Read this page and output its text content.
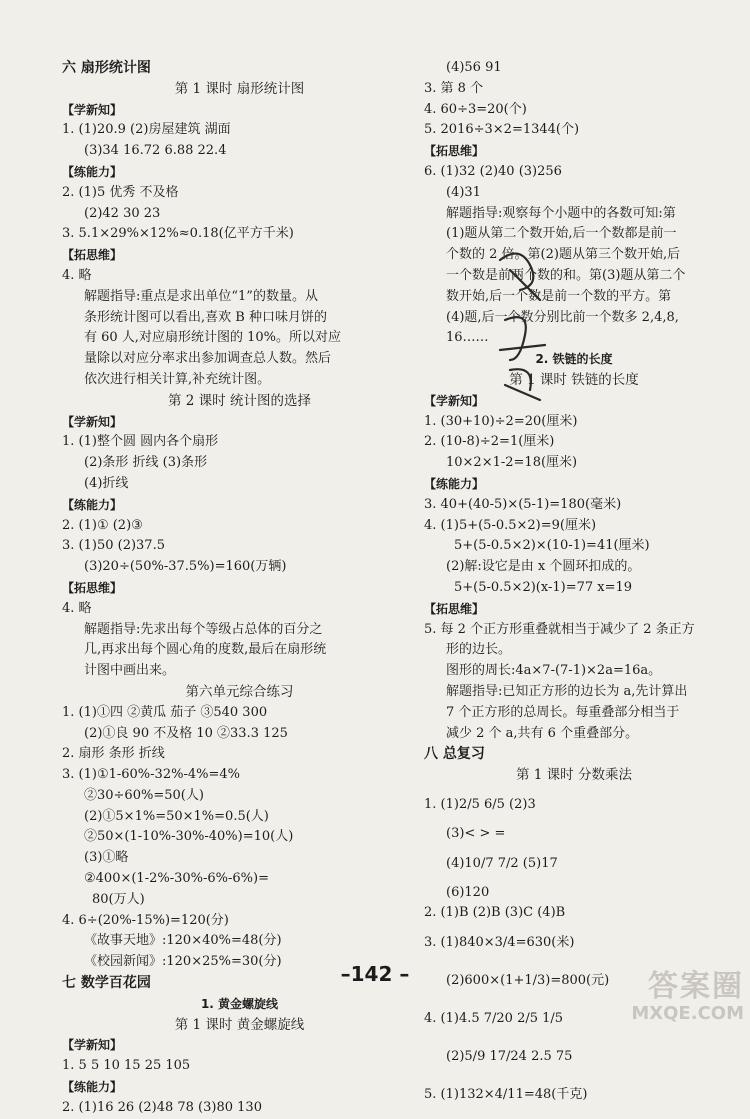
六 扇形统计图
第 1 课时 扇形统计图
【学新知】
1. (1)20.9 (2)房屋建筑 湖面
(3)34 16.72 6.88 22.4
【练能力】
2. (1)5 优秀 不及格
(2)42 30 23
3. 5.1×29%×12%≈0.18(亿平方千米)
【拓思维】
4. 略
解题指导:重点是求出单位“1”的数量。从
条形统计图可以看出,喜欢 B 种口味月饼的
有 60 人,对应扇形统计图的 10%。所以对应
量除以对应分率求出参加调查总人数。然后
依次进行相关计算,补充统计图。
第 2 课时 统计图的选择
【学新知】
1. (1)整个圆 圆内各个扇形
(2)条形 折线 (3)条形
(4)折线
【练能力】
2. (1)① (2)③
3. (1)50 (2)37.5
(3)20÷(50%-37.5%)=160(万辆)
【拓思维】
4. 略
解题指导:先求出每个等级占总体的百分之
几,再求出每个圆心角的度数,最后在扇形统
计图中画出来。
第六单元综合练习
1. (1)①四 ②黄瓜 茄子 ③540 300
(2)①良 90 不及格 10 ②33.3 125
2. 扇形 条形 折线
3. (1)①1-60%-32%-4%=4%
②30÷60%=50(人)
(2)①5×1%=50×1%=0.5(人)
②50×(1-10%-30%-40%)=10(人)
(3)①略
②400×(1-2%-30%-6%-6%)=
80(万人)
4. 6÷(20%-15%)=120(分)
《故事天地》:120×40%=48(分)
《校园新闻》:120×25%=30(分)
七 数学百花园
1. 黄金螺旋线
第 1 课时 黄金螺旋线
【学新知】
1. 5 5 10 15 25 105
【练能力】
2. (1)16 26 (2)48 78 (3)80 130
(4)56 91
3. 第 8 个
4. 60÷3=20(个)
5. 2016÷3×2=1344(个)
【拓思维】
6. (1)32 (2)40 (3)256
(4)31
解题指导:观察每个小题中的各数可知:第
(1)题从第二个数开始,后一个数都是前一
个数的 2 倍。第(2)题从第三个数开始,后
一个数是前两个数的和。第(3)题从第二个
数开始,后一个数是前一个数的平方。第
(4)题,后一个数分别比前一个数多 2,4,8,
16……
2. 铁链的长度
第 1 课时 铁链的长度
【学新知】
1. (30+10)÷2=20(厘米)
2. (10-8)÷2=1(厘米)
10×2×1-2=18(厘米)
【练能力】
3. 40+(40-5)×(5-1)=180(毫米)
4. (1)5+(5-0.5×2)=9(厘米)
5+(5-0.5×2)×(10-1)=41(厘米)
(2)解:设它是由 x 个圆环扣成的。
5+(5-0.5×2)(x-1)=77 x=19
【拓思维】
5. 每 2 个正方形重叠就相当于减少了 2 条正方
形的边长。
图形的周长:4a×7-(7-1)×2a=16a。
解题指导:已知正方形的边长为 a,先计算出
7 个正方形的总周长。每重叠部分相当于
减少 2 个 a,共有 6 个重叠部分。
八 总复习
第 1 课时 分数乘法
1. (1)2/5 6/5 (2)3
(3)< > =
(4)10/7 7/2 (5)17
(6)120
2. (1)B (2)B (3)C (4)B
3. (1)840×3/4=630(米)
(2)600×(1+1/3)=800(元)
4. (1)4.5 7/20 2/5 1/5
(2)5/9 17/24 2.5 75
5. (1)132×4/11=48(千克)
–142 –	答案圈
MXQE.COM
